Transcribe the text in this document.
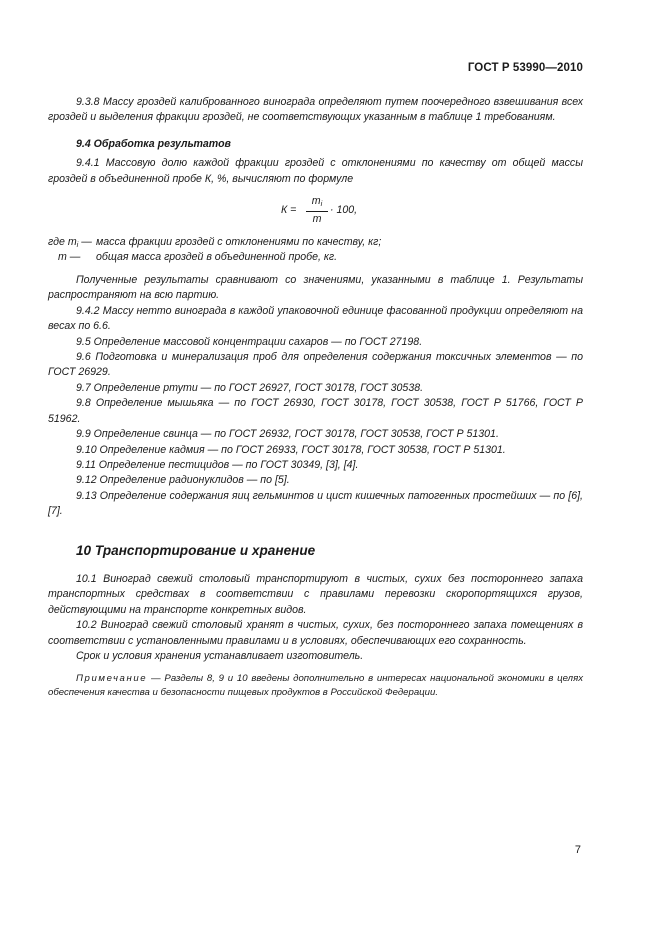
ГОСТ Р 53990—2010

9.3.8 Массу гроздей калиброванного винограда определяют путем поочередного взвешивания всех гроздей и выделения фракции гроздей, не соответствующих указанным в таблице 1 требованиям.

9.4 Обработка результатов

9.4.1 Массовую долю каждой фракции гроздей с отклонениями по качеству от общей массы гроздей в объединенной пробе К, %, вычисляют по формуле

К =
$m_i$
m
· 100,
где $m_i$ — масса фракции гроздей с отклонениями по качеству, кг;
m — общая масса гроздей в объединенной пробе, кг.

Полученные результаты сравнивают со значениями, указанными в таблице 1. Результаты распространяют на всю партию.

9.4.2 Массу нетто винограда в каждой упаковочной единице фасованной продукции определяют на весах по 6.6.

9.5 Определение массовой концентрации сахаров — по ГОСТ 27198.

9.6 Подготовка и минерализация проб для определения содержания токсичных элементов — по ГОСТ 26929.

9.7 Определение ртути — по ГОСТ 26927, ГОСТ 30178, ГОСТ 30538.

9.8 Определение мышьяка — по ГОСТ 26930, ГОСТ 30178, ГОСТ 30538, ГОСТ Р 51766, ГОСТ Р 51962.

9.9 Определение свинца — по ГОСТ 26932, ГОСТ 30178, ГОСТ 30538, ГОСТ Р 51301.

9.10 Определение кадмия — по ГОСТ 26933, ГОСТ 30178, ГОСТ 30538, ГОСТ Р 51301.

9.11 Определение пестицидов — по ГОСТ 30349, [3], [4].

9.12 Определение радионуклидов — по [5].

9.13 Определение содержания яиц гельминтов и цист кишечных патогенных простейших — по [6], [7].

10 Транспортирование и хранение

10.1 Виноград свежий столовый транспортируют в чистых, сухих без постороннего запаха транспортных средствах в соответствии с правилами перевозки скоропортящихся грузов, действующими на транспорте конкретных видов.

10.2 Виноград свежий столовый хранят в чистых, сухих, без постороннего запаха помещениях в соответствии с установленными правилами и в условиях, обеспечивающих его сохранность.

Срок и условия хранения устанавливает изготовитель.

Примечание — Разделы 8, 9 и 10 введены дополнительно в интересах национальной экономики в целях обеспечения качества и безопасности пищевых продуктов в Российской Федерации.

7
